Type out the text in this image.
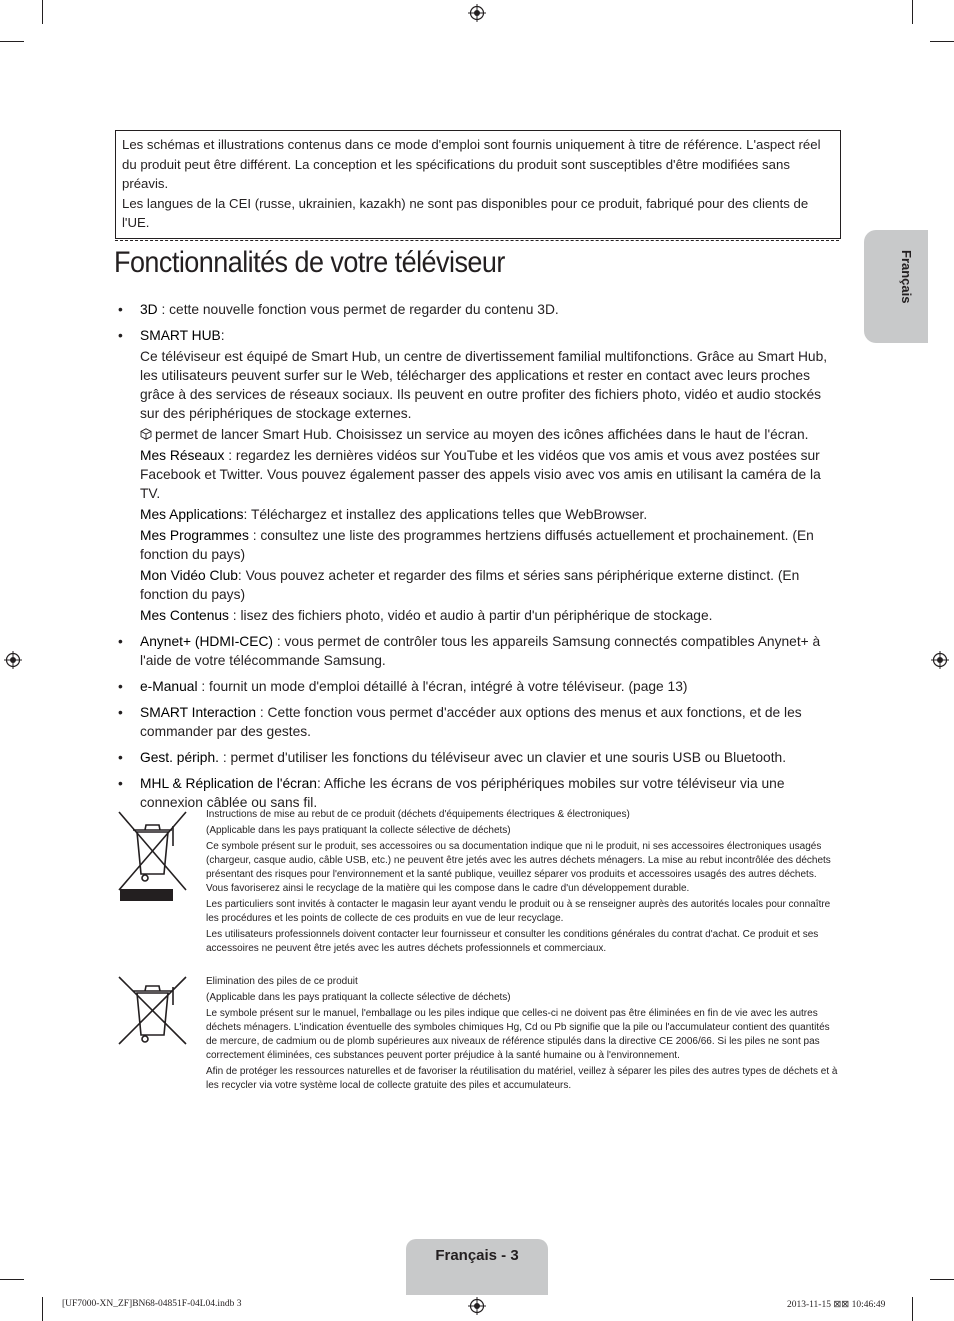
Les schémas et illustrations contenus dans ce mode d'emploi sont fournis uniquement à titre de référence. L'aspect réel du produit peut être différent. La conception et les spécifications du produit sont susceptibles d'être modifiées sans préavis.

Les langues de la CEI (russe, ukrainien, kazakh) ne sont pas disponibles pour ce produit, fabriqué pour des clients de l'UE.

Français
Fonctionnalités de votre téléviseur
• 3D : cette nouvelle fonction vous permet de regarder du contenu 3D.
• SMART HUB:
Ce téléviseur est équipé de Smart Hub, un centre de divertissement familial multifonctions. Grâce au Smart Hub, les utilisateurs peuvent surfer sur le Web, télécharger des applications et rester en contact avec leurs proches grâce à des services de réseaux sociaux. Ils peuvent en outre profiter des fichiers photo, vidéo et audio stockés sur des périphériques de stockage externes.
permet de lancer Smart Hub. Choisissez un service au moyen des icônes affichées dans le haut de l'écran.
Mes Réseaux : regardez les dernières vidéos sur YouTube et les vidéos que vos amis et vous avez postées sur Facebook et Twitter. Vous pouvez également passer des appels visio avec vos amis en utilisant la caméra de la TV.
Mes Applications: Téléchargez et installez des applications telles que WebBrowser.
Mes Programmes : consultez une liste des programmes hertziens diffusés actuellement et prochainement. (En fonction du pays)
Mon Vidéo Club: Vous pouvez acheter et regarder des films et séries sans périphérique externe distinct. (En fonction du pays)
Mes Contenus : lisez des fichiers photo, vidéo et audio à partir d'un périphérique de stockage.
• Anynet+ (HDMI-CEC) : vous permet de contrôler tous les appareils Samsung connectés compatibles Anynet+ à l'aide de votre télécommande Samsung.
• e-Manual : fournit un mode d'emploi détaillé à l'écran, intégré à votre téléviseur. (page 13)
• SMART Interaction : Cette fonction vous permet d'accéder aux options des menus et aux fonctions, et de les commander par des gestes.
• Gest. périph. : permet d'utiliser les fonctions du téléviseur avec un clavier et une souris USB ou Bluetooth.
• MHL & Réplication de l'écran: Affiche les écrans de vos périphériques mobiles sur votre téléviseur via une connexion câblée ou sans fil.

Instructions de mise au rebut de ce produit (déchets d'équipements électriques & électroniques)

(Applicable dans les pays pratiquant la collecte sélective de déchets)

Ce symbole présent sur le produit, ses accessoires ou sa documentation indique que ni le produit, ni ses accessoires électroniques usagés (chargeur, casque audio, câble USB, etc.) ne peuvent être jetés avec les autres déchets ménagers. La mise au rebut incontrôlée des déchets présentant des risques pour l'environnement et la santé publique, veuillez séparer vos produits et accessoires usagés des autres déchets. Vous favoriserez ainsi le recyclage de la matière qui les compose dans le cadre d'un développement durable.

Les particuliers sont invités à contacter le magasin leur ayant vendu le produit ou à se renseigner auprès des autorités locales pour connaître les procédures et les points de collecte de ces produits en vue de leur recyclage.

Les utilisateurs professionnels doivent contacter leur fournisseur et consulter les conditions générales du contrat d'achat. Ce produit et ses accessoires ne peuvent être jetés avec les autres déchets professionnels et commerciaux.

Elimination des piles de ce produit

(Applicable dans les pays pratiquant la collecte sélective de déchets)

Le symbole présent sur le manuel, l'emballage ou les piles indique que celles-ci ne doivent pas être éliminées en fin de vie avec les autres déchets ménagers. L'indication éventuelle des symboles chimiques Hg, Cd ou Pb signifie que la pile ou l'accumulateur contient des quantités de mercure, de cadmium ou de plomb supérieures aux niveaux de référence stipulés dans la directive CE 2006/66. Si les piles ne sont pas correctement éliminées, ces substances peuvent porter préjudice à la santé humaine ou à l'environnement.

Afin de protéger les ressources naturelles et de favoriser la réutilisation du matériel, veillez à séparer les piles des autres types de déchets et à les recycler via votre système local de collecte gratuite des piles et accumulateurs.

Français - 3
[UF7000-XN_ZF]BN68-04851F-04L04.indb 3	2013-11-15 ⊠⊠ 10:46:49
